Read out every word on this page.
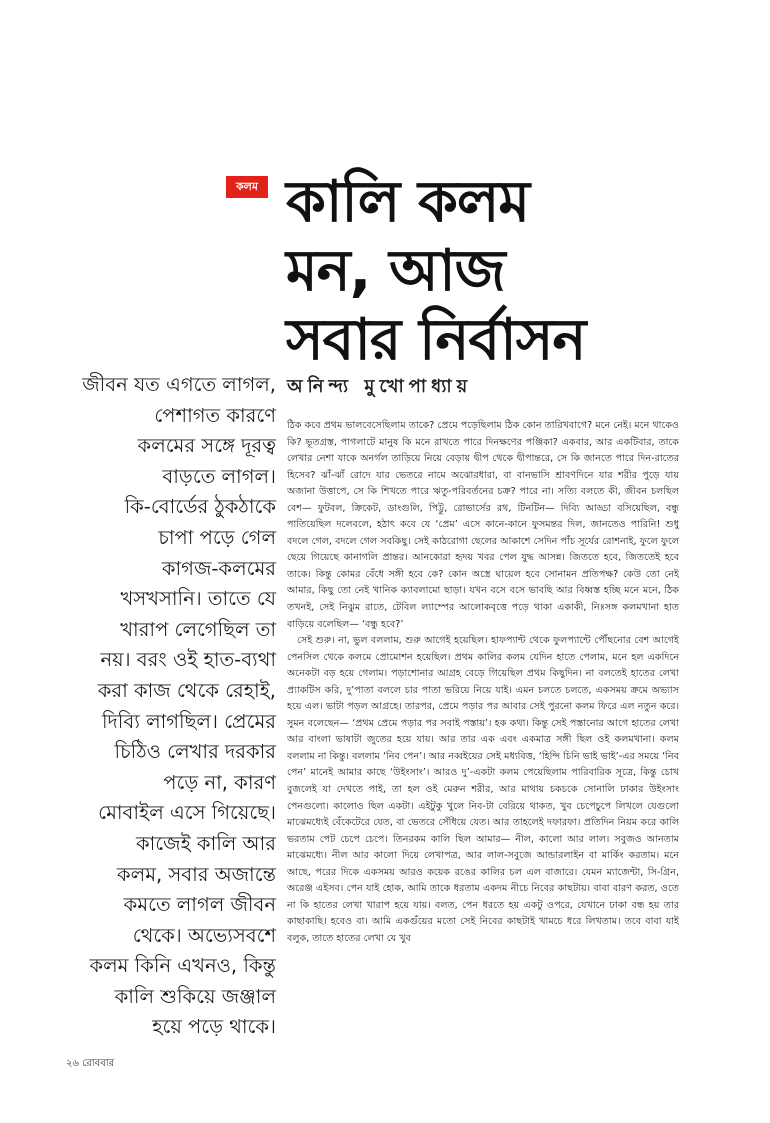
কলম কালি কলম
মন, আজ
সবার নির্বাসন
অনিন্দ্য মুখোপাধ্যায়
জীবন যত এগতে লাগল,
পেশাগত কারণে
কলমের সঙ্গে দূরত্ব
বাড়তে লাগল।
কি-বোর্ডের ঠুকঠাকে
চাপা পড়ে গেল
কাগজ-কলমের
খসখসানি। তাতে যে
খারাপ লেগেছিল তা
নয়। বরং ওই হাত-ব্যথা
করা কাজ থেকে রেহাই,
দিব্যি লাগছিল। প্রেমের
চিঠিও লেখার দরকার
পড়ে না, কারণ
মোবাইল এসে গিয়েছে।
কাজেই কালি আর
কলম, সবার অজান্তে
কমতে লাগল জীবন
থেকে। অভ্যেসবশে
কলম কিনি এখনও, কিন্তু
কালি শুকিয়ে জঞ্জাল
হয়ে পড়ে থাকে।

ঠিক কবে প্রথম ভালবেসেছিলাম তাকে? প্রেমে পড়েছিলাম ঠিক কোন তারিখবাগে? মনে নেই। মনে থাকেও কি? ভূতগ্রস্ত, পাগলাটে মানুষ কি মনে রাখতে পারে দিনক্ষণের পঞ্জিকা? একবার, আর একটিবার, তাকে লেখার নেশা যাকে অনর্গল তাড়িয়ে নিয়ে বেড়ায় দ্বীপ থেকে দ্বীপান্তরে, সে কি জানতে পারে দিন-রাতের হিসেব? ঝাঁ-ঝাঁ রোদে যার ভেতরে নামে অঝোরধারা, বা বানভাসি শ্রাবণদিনে যার শরীর পুড়ে যায় অজানা উত্তাপে, সে কি শিখতে পারে ঋতু-পরিবর্তনের চক্র? পারে না। সত্যি বলতে কী, জীবন চলছিল বেশ— ফুটবল, ক্রিকেট, ডাংগুলি, পিট্টু, রোভার্সের রথ, টিনটিন— দিব্যি আড্ডা বসিয়েছিল, বন্ধু পাতিয়েছিল দলেবলে, হঠাৎ কবে যে ‘প্রেম’ এসে কানে-কানে ফুসমন্তর দিল, জানতেও পারিনি! শুধু বদলে গেল, বদলে গেল সবকিছু। সেই কাঠরোগা ছেলের আকাশে সেদিন পাঁচ সূর্যের রোশনাই, ফুলে ফুলে ছেয়ে গিয়েছে কানাগলি প্রান্তর। আনকোরা হৃদয় খবর পেল যুদ্ধ আসন্ন। জিততে হবে, জিততেই হবে তাকে। কিন্তু কোমর বেঁধে সঙ্গী হবে কে? কোন অস্ত্রে ঘায়েল হবে সোনামন প্রতিপক্ষ? কেউ তো নেই আমার, কিছু তো নেই খানিক ক্যাবলামো ছাড়া। যখন বসে বসে ভাবছি আর বিধ্বস্ত হচ্ছি মনে মনে, ঠিক তখনই, সেই নিঝুম রাতে, টেবিল ল্যাম্পের আলোকবৃত্তে পড়ে থাকা একাকী, নিঃসঙ্গ কলমখানা হাত বাড়িয়ে বলেছিল— ‘বন্ধু হবে?’

সেই শুরু। না, ভুল বললাম, শুরু আগেই হয়েছিল। হাফপ্যান্ট থেকে ফুলপ্যান্টে পৌঁছনোর বেশ আগেই পেনসিল থেকে কলমে প্রোমোশন হয়েছিল। প্রথম কালির কলম যেদিন হাতে পেলাম, মনে হল একদিনে অনেকটা বড় হয়ে গেলাম। পড়াশোনার আগ্রহ বেড়ে গিয়েছিল প্রথম কিছুদিন। না বলতেই হাতের লেখা প্র্যাকটিস করি, দু’পাতা বললে চার পাতা ভরিয়ে নিয়ে যাই। এমন চলতে চলতে, একসময় ক্রমে অভ্যাস হয়ে এল। ভাটা পড়ল আগ্রহে। তারপর, প্রেমে পড়ার পর আবার সেই পুরনো কলম ফিরে এল নতুন করে। সুমন বলেছেন— ‘প্রথম প্রেমে পড়ার পর সবাই পস্তায়’। হক কথা। কিন্তু সেই পস্তানোর আগে হাতের লেখা আর বাংলা ভাষাটা জুতের হয়ে যায়। আর তার এক এবং একমাত্র সঙ্গী ছিল ওই কলমখানা। কলম বললাম না কিন্তু। বললাম ‘নিব পেন’। আর নব্বইয়ের সেই মধ্যবিত্ত, ‘হিন্দি চিনি ভাই ভাই’-এর সময়ে ‘নিব পেন’ মানেই আমার কাছে ‘উইংসাং’। আরও দু’-একটা কলম পেয়েছিলাম পারিবারিক সূত্রে, কিন্তু চোখ বুজলেই যা দেখতে পাই, তা হল ওই মেরুন শরীর, আর মাথায় চকচকে সোনালি ঢাকার উইংসাং পেনগুলো। কালোও ছিল একটা। এইটুকু খুলে নিব-টা বেরিয়ে থাকত, খুব চেপেচুপে লিখলে যেগুলো মাঝেমধ্যেই বেঁকেটেরে যেত, বা ভেতরে সেঁধিয়ে যেত। আর তাহলেই দফারফা। প্রতিদিন নিয়ম করে কালি ভরতাম পেট চেপে চেপে। তিনরকম কালি ছিল আমার— নীল, কালো আর লাল। সবুজও আনতাম মাঝেমধ্যে। নীল আর কালো দিয়ে লেখাপত্র, আর লাল-সবুজে আন্ডারলাইন বা মার্কিং করতাম। মনে আছে, পরের দিকে একসময় আরও কয়েক রঙের কালির চল এল বাজারে। যেমন ম্যাজেন্টা, সি-গ্রিন, অরেঞ্জ এইসব। পেন যাই হোক, আমি তাকে ধরতাম একদম নীচে নিবের কাছটায়। বাবা বারণ করত, ওতে না কি হাতের লেখা খারাপ হয়ে যায়। বলত, পেন ধরতে হয় একটু ওপরে, যেখানে ঢাকা বন্ধ হয় তার কাছাকাছি। হবেও বা। আমি একগুঁয়ের মতো সেই নিবের কাছটাই খামচে ধরে লিখতাম। তবে বাবা যাই বলুক, তাতে হাতের লেখা যে খুব

২৬ রোববার
